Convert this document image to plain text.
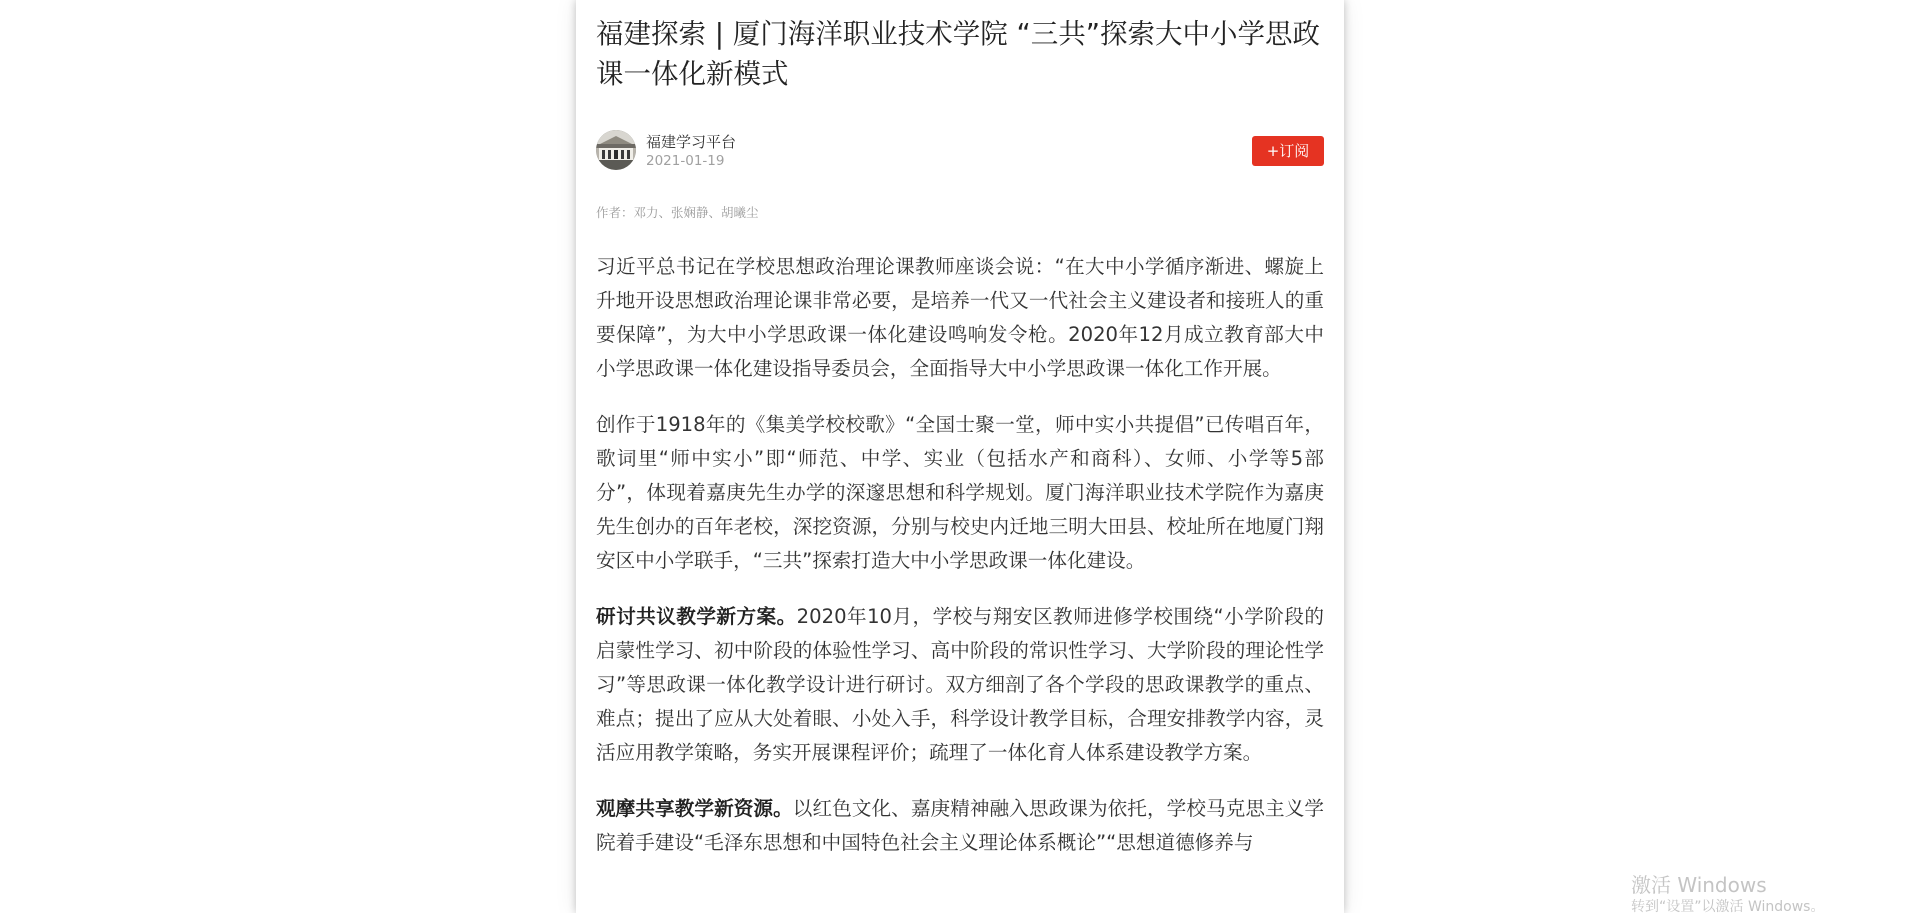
福建探索 | 厦门海洋职业技术学院 “三共”探索大中小学思政课一体化新模式
福建学习平台
2021-01-19
+订阅
作者：邓力、张娴静、胡曦尘

习近平总书记在学校思想政治理论课教师座谈会说：“在大中小学循序渐进、螺旋上升地开设思想政治理论课非常必要，是培养一代又一代社会主义建设者和接班人的重要保障”，为大中小学思政课一体化建设鸣响发令枪。2020年12月成立教育部大中小学思政课一体化建设指导委员会，全面指导大中小学思政课一体化工作开展。

创作于1918年的《集美学校校歌》“全国士聚一堂，师中实小共提倡”已传唱百年，歌词里“师中实小”即“师范、中学、实业（包括水产和商科）、女师、小学等5部分”，体现着嘉庚先生办学的深邃思想和科学规划。厦门海洋职业技术学院作为嘉庚先生创办的百年老校，深挖资源，分别与校史内迁地三明大田县、校址所在地厦门翔安区中小学联手，“三共”探索打造大中小学思政课一体化建设。

研讨共议教学新方案。2020年10月，学校与翔安区教师进修学校围绕“小学阶段的启蒙性学习、初中阶段的体验性学习、高中阶段的常识性学习、大学阶段的理论性学习”等思政课一体化教学设计进行研讨。双方细剖了各个学段的思政课教学的重点、难点；提出了应从大处着眼、小处入手，科学设计教学目标，合理安排教学内容，灵活应用教学策略，务实开展课程评价；疏理了一体化育人体系建设教学方案。

观摩共享教学新资源。以红色文化、嘉庚精神融入思政课为依托，学校马克思主义学院着手建设“毛泽东思想和中国特色社会主义理论体系概论”“思想道德修养与

激活 Windows
转到“设置”以激活 Windows。
